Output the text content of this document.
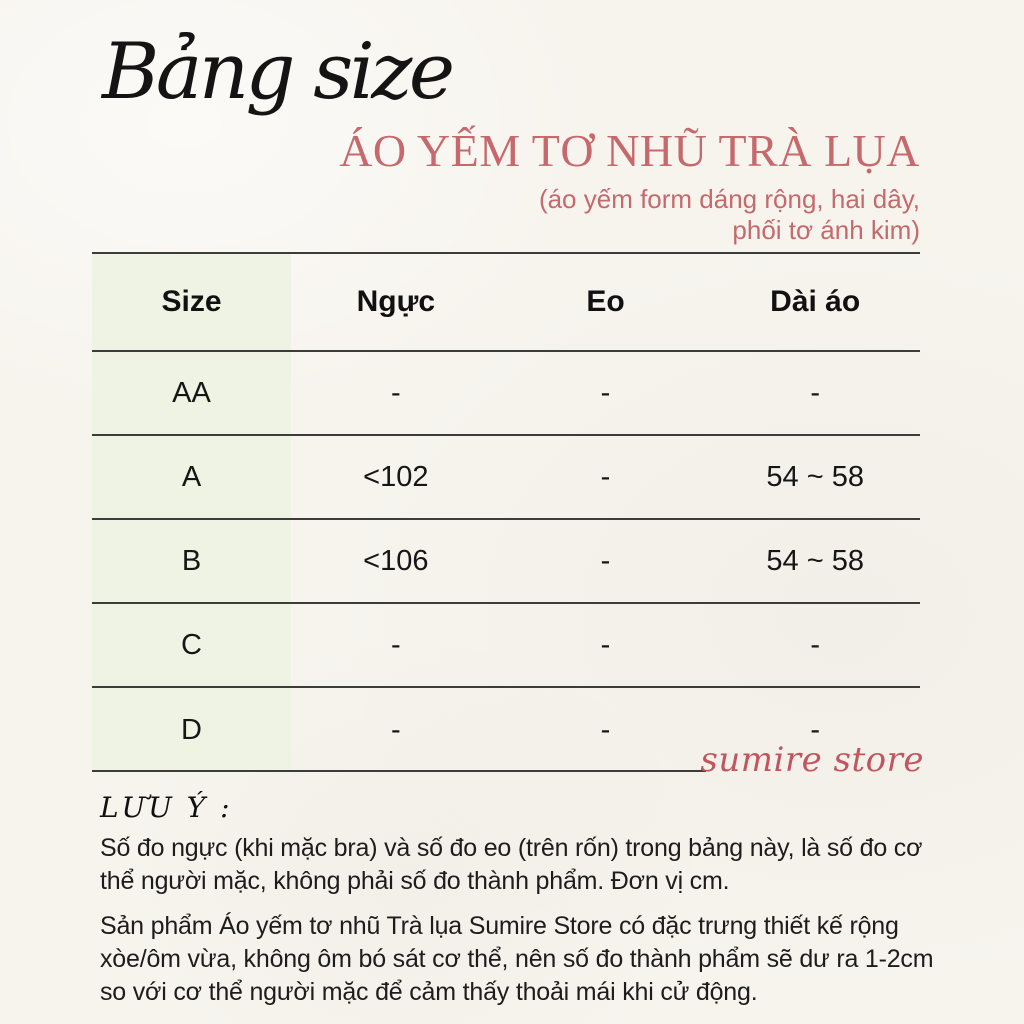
Bảng size
ÁO YẾM TƠ NHŨ TRÀ LỤA
(áo yếm form dáng rộng, hai dây,
phối tơ ánh kim)
Size	Ngực	Eo	Dài áo
AA	-	-	-
A	<102	-	54 ~ 58
B	<106	-	54 ~ 58
C	-	-	-
D	-	-	-
sumire store
LƯU Ý :

Số đo ngực (khi mặc bra) và số đo eo (trên rốn) trong bảng này, là số đo cơ thể người mặc, không phải số đo thành phẩm. Đơn vị cm.

Sản phẩm Áo yếm tơ nhũ Trà lụa Sumire Store có đặc trưng thiết kế rộng xòe/ôm vừa, không ôm bó sát cơ thể, nên số đo thành phẩm sẽ dư ra 1-2cm so với cơ thể người mặc để cảm thấy thoải mái khi cử động.
